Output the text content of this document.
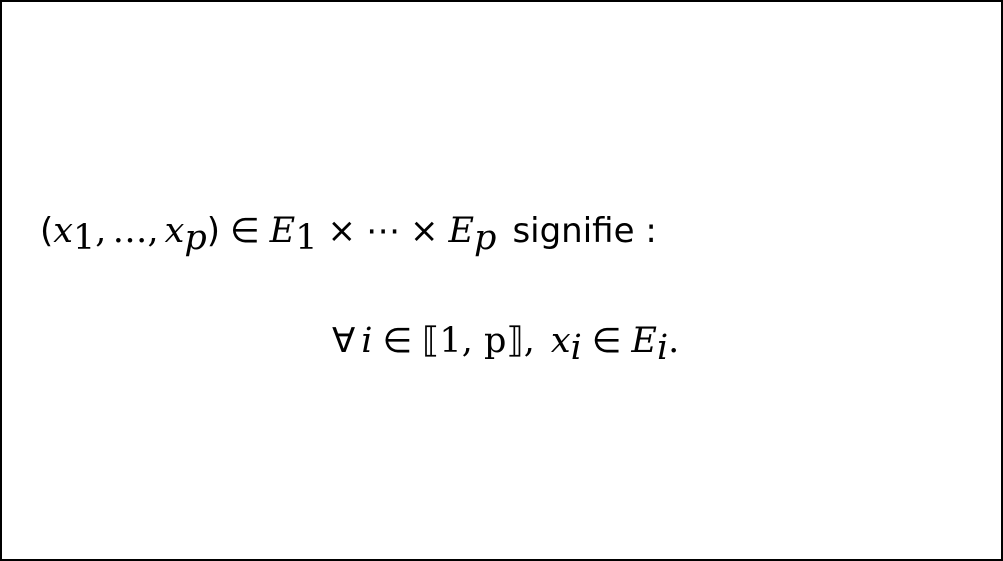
($x_1$, …, $x_p$) ∈ $E_1$ × ⋯ × $E_p$ signifie :
∀ i ∈ ⟦1, p⟧, $x_i$ ∈ $E_i$.
